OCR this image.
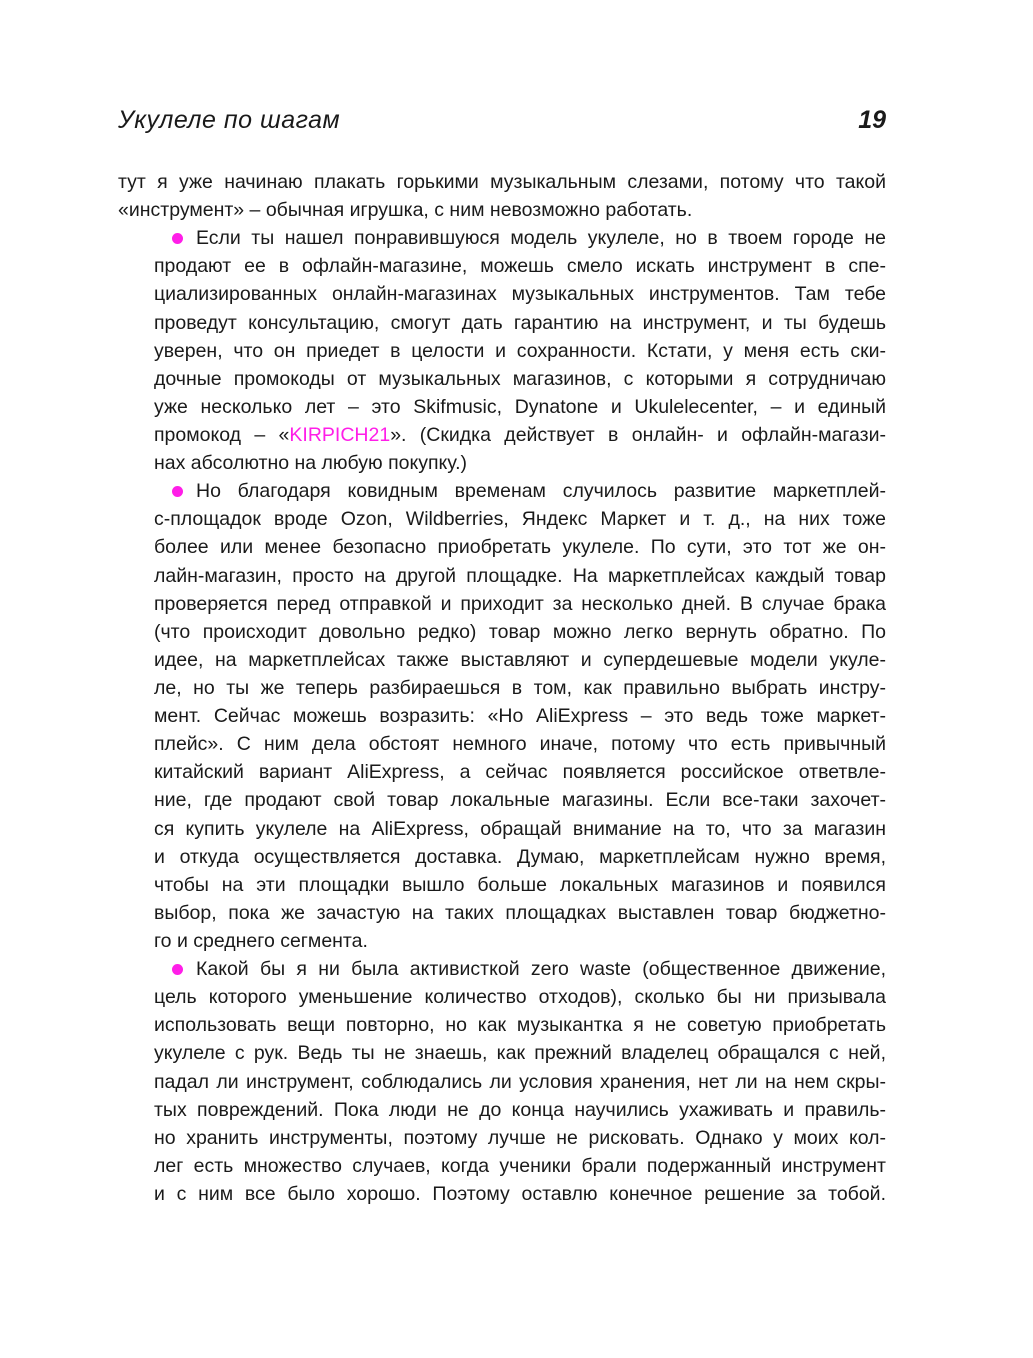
Укулеле по шагам	19
тут я уже начинаю плакать горькими музыкальным слезами, потому что такой
«инструмент» – обычная игрушка, с ним невозможно работать.
Если ты нашел понравившуюся модель укулеле, но в твоем городе не
продают ее в офлайн-магазине, можешь смело искать инструмент в спе-
циализированных онлайн-магазинах музыкальных инструментов. Там тебе
проведут консультацию, смогут дать гарантию на инструмент, и ты будешь
уверен, что он приедет в целости и сохранности. Кстати, у меня есть ски-
дочные промокоды от музыкальных магазинов, с которыми я сотрудничаю
уже несколько лет – это Skifmusic, Dynatone и Ukulelecenter, – и единый
промокод – «KIRPICH21». (Скидка действует в онлайн- и офлайн-магази-
нах абсолютно на любую покупку.)
Но благодаря ковидным временам случилось развитие маркетплей-
с-площадок вроде Ozon, Wildberries, Яндекс Маркет и т. д., на них тоже
более или менее безопасно приобретать укулеле. По сути, это тот же он-
лайн-магазин, просто на другой площадке. На маркетплейсах каждый товар
проверяется перед отправкой и приходит за несколько дней. В случае брака
(что происходит довольно редко) товар можно легко вернуть обратно. По
идее, на маркетплейсах также выставляют и супердешевые модели укуле-
ле, но ты же теперь разбираешься в том, как правильно выбрать инстру-
мент. Сейчас можешь возразить: «Но AliExpress – это ведь тоже маркет-
плейс». С ним дела обстоят немного иначе, потому что есть привычный
китайский вариант AliExpress, а сейчас появляется российское ответвле-
ние, где продают свой товар локальные магазины. Если все-таки захочет-
ся купить укулеле на AliExpress, обращай внимание на то, что за магазин
и откуда осуществляется доставка. Думаю, маркетплейсам нужно время,
чтобы на эти площадки вышло больше локальных магазинов и появился
выбор, пока же зачастую на таких площадках выставлен товар бюджетно-
го и среднего сегмента.
Какой бы я ни была активисткой zero waste (общественное движение,
цель которого уменьшение количество отходов), сколько бы ни призывала
использовать вещи повторно, но как музыкантка я не советую приобретать
укулеле с рук. Ведь ты не знаешь, как прежний владелец обращался с ней,
падал ли инструмент, соблюдались ли условия хранения, нет ли на нем скры-
тых повреждений. Пока люди не до конца научились ухаживать и правиль-
но хранить инструменты, поэтому лучше не рисковать. Однако у моих кол-
лег есть множество случаев, когда ученики брали подержанный инструмент
и с ним все было хорошо. Поэтому оставлю конечное решение за тобой.
